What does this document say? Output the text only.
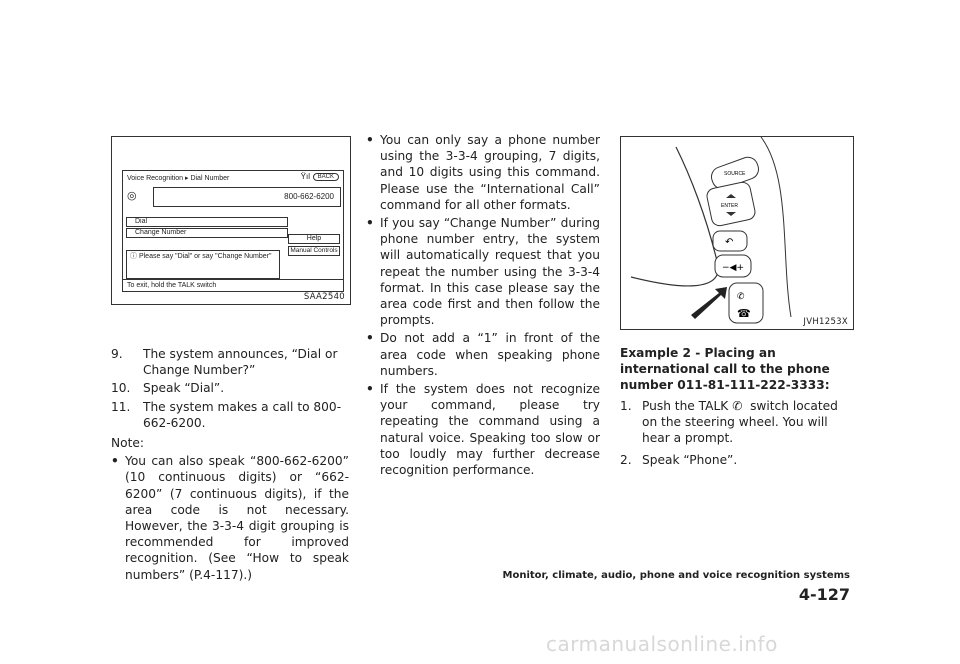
Voice Recognition ▸ Dial Number	Ÿıl	BACK
◎	800-662-6200
Dial
Change Number
Help
Manual Controls
ⓘ Please say "Dial" or say "Change Number"
To exit, hold the TALK switch
SAA2540
SOURCE
ENTER
↶
−◀+
✆
☎
JVH1253X
9. The system announces, “Dial or Change Number?”
10. Speak “Dial”.
11. The system makes a call to 800-662-6200.
Note:
• You can also speak “800-662-6200” (10 continuous digits) or “662-6200” (7 continuous digits), if the area code is not necessary. However, the 3-3-4 digit grouping is recommended for improved recognition. (See “How to speak numbers” (P.4-117).)
• You can only say a phone number using the 3-3-4 grouping, 7 digits, and 10 digits using this command. Please use the “International Call” command for all other formats.
• If you say “Change Number” during phone number entry, the system will automatically request that you repeat the number using the 3-3-4 format. In this case please say the area code first and then follow the prompts.
• Do not add a “1” in front of the area code when speaking phone numbers.
• If the system does not recognize your command, please try repeating the command using a natural voice. Speaking too slow or too loudly may further decrease recognition performance.
Example 2 - Placing an international call to the phone number 011-81-111-222-3333:
1. Push the TALK ✆ switch located on the steering wheel. You will hear a prompt.
2. Speak “Phone”.
Monitor, climate, audio, phone and voice recognition systems 4-127
carmanualsonline.info
